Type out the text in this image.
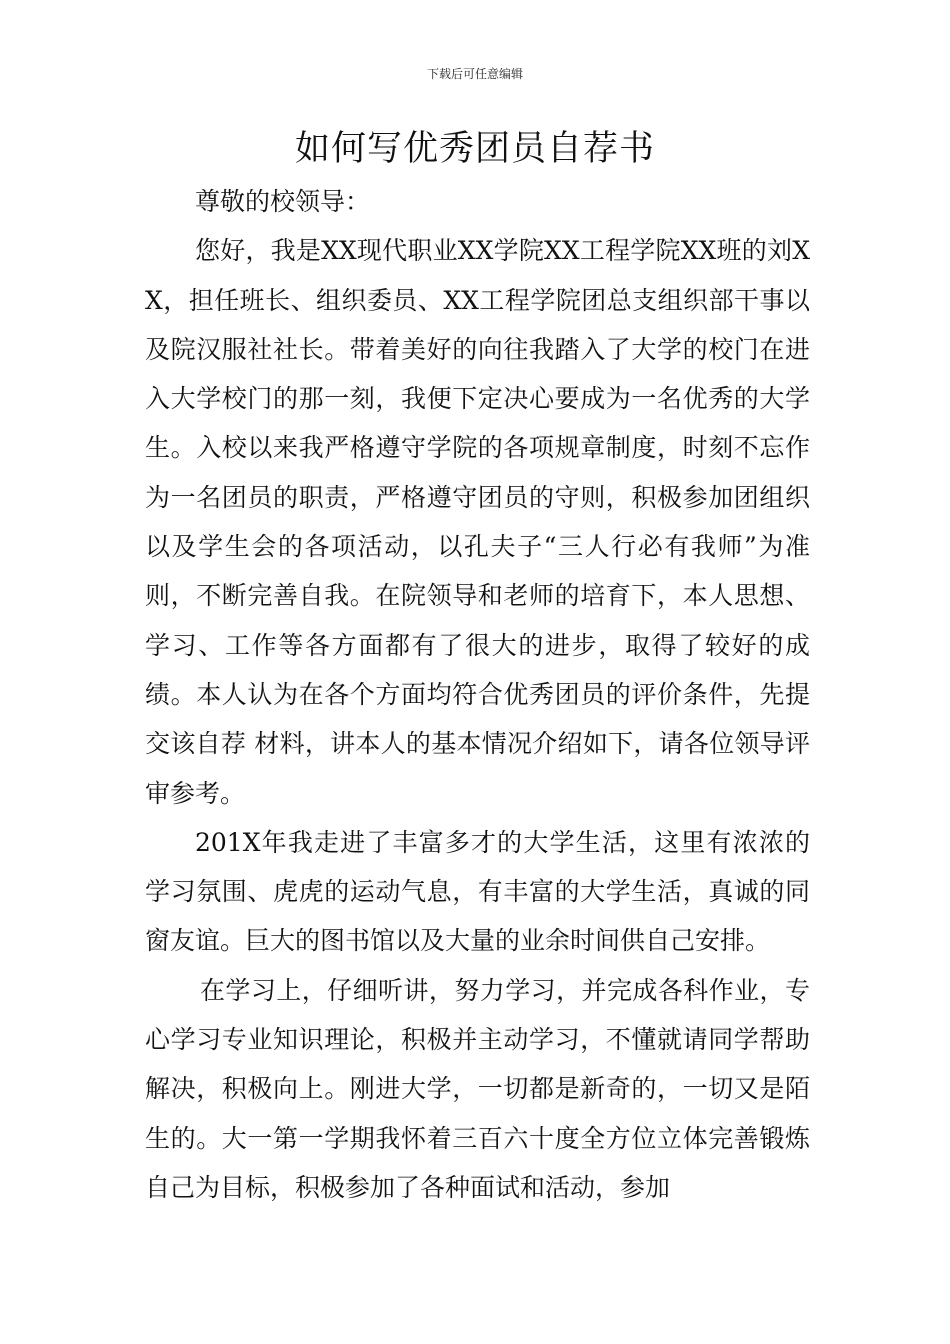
下载后可任意编辑
如何写优秀团员自荐书

尊敬的校领导：

您好，我是XX现代职业XX学院XX工程学院XX班的刘XX，担任班长、组织委员、XX工程学院团总支组织部干事以及院汉服社社长。带着美好的向往我踏入了大学的校门在进入大学校门的那一刻，我便下定决心要成为一名优秀的大学生。入校以来我严格遵守学院的各项规章制度，时刻不忘作为一名团员的职责，严格遵守团员的守则，积极参加团组织以及学生会的各项活动，以孔夫子“三人行必有我师”为准则，不断完善自我。在院领导和老师的培育下，本人思想、学习、工作等各方面都有了很大的进步，取得了较好的成绩。本人认为在各个方面均符合优秀团员的评价条件，先提交该自荐 材料，讲本人的基本情况介绍如下，请各位领导评审参考。

201X年我走进了丰富多才的大学生活，这里有浓浓的学习氛围、虎虎的运动气息，有丰富的大学生活，真诚的同窗友谊。巨大的图书馆以及大量的业余时间供自己安排。

在学习上，仔细听讲，努力学习，并完成各科作业，专心学习专业知识理论，积极并主动学习，不懂就请同学帮助解决，积极向上。刚进大学，一切都是新奇的，一切又是陌生的。大一第一学期我怀着三百六十度全方位立体完善锻炼自己为目标，积极参加了各种面试和活动，参加
